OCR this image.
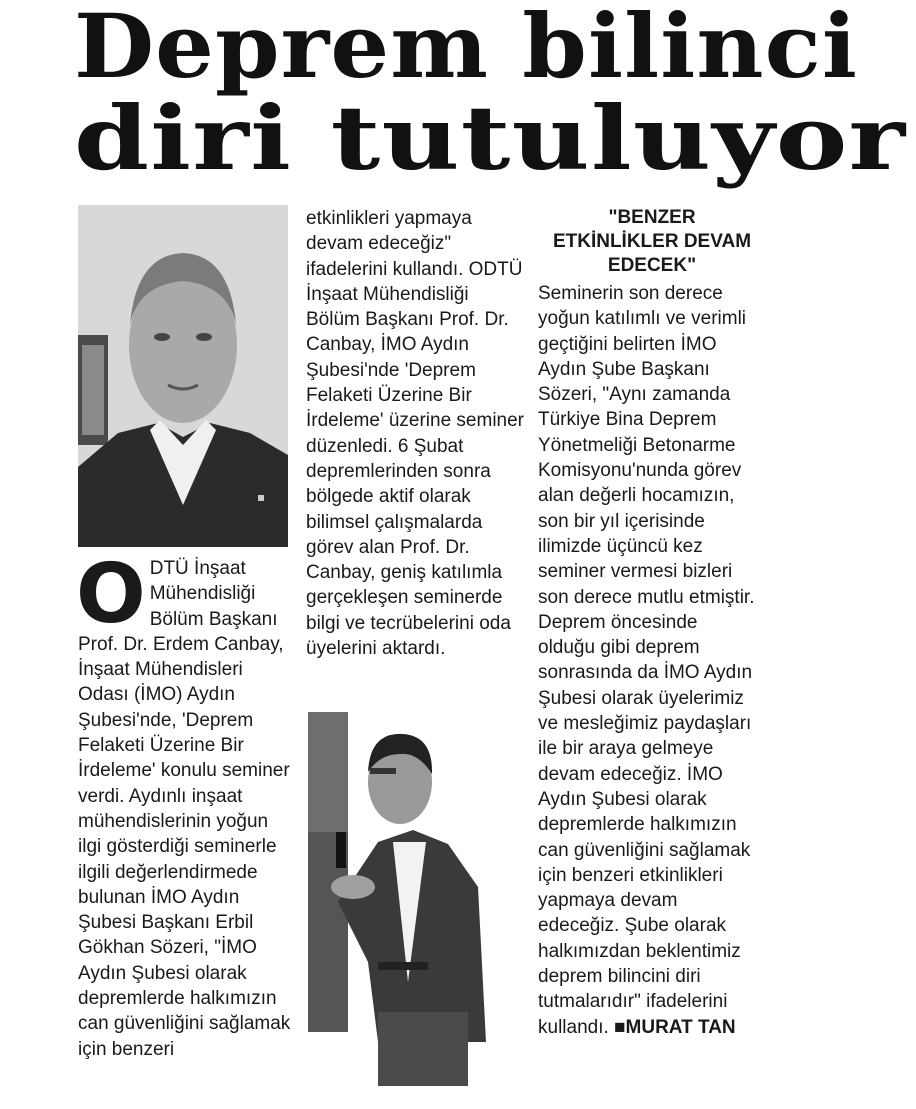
Deprem bilinci
diri tutuluyor
O DTÜ İnşaat Mühendisliği Bölüm Başkanı Prof. Dr. Erdem Canbay, İnşaat Mühendisleri Odası (İMO) Aydın Şubesi'nde, 'Deprem Felaketi Üzerine Bir İrdeleme' konulu seminer verdi. Aydınlı inşaat mühendislerinin yoğun ilgi gösterdiği seminerle ilgili değerlendirmede bulunan İMO Aydın Şubesi Başkanı Erbil Gökhan Sözeri, "İMO Aydın Şubesi olarak depremlerde halkımızın can güvenliğini sağlamak için benzeri

etkinlikleri yapmaya devam edeceğiz" ifadelerini kullandı. ODTÜ İnşaat Mühendisliği Bölüm Başkanı Prof. Dr. Canbay, İMO Aydın Şubesi'nde 'Deprem Felaketi Üzerine Bir İrdeleme' üzerine seminer düzenledi. 6 Şubat depremlerinden sonra bölgede aktif olarak bilimsel çalışmalarda görev alan Prof. Dr. Canbay, geniş katılımla gerçekleşen seminerde bilgi ve tecrübelerini oda üyelerini aktardı.

"BENZER ETKİNLİKLER DEVAM EDECEK"

Seminerin son derece yoğun katılımlı ve verimli geçtiğini belirten İMO Aydın Şube Başkanı Sözeri, "Aynı zamanda Türkiye Bina Deprem Yönetmeliği Betonarme Komisyonu'nunda görev alan değerli hocamızın, son bir yıl içerisinde ilimizde üçüncü kez seminer vermesi bizleri son derece mutlu etmiştir. Deprem öncesinde olduğu gibi deprem sonrasında da İMO Aydın Şubesi olarak üyelerimiz ve mesleğimiz paydaşları ile bir araya gelmeye devam edeceğiz. İMO Aydın Şubesi olarak depremlerde halkımızın can güvenliğini sağlamak için benzeri etkinlikleri yapmaya devam edeceğiz. Şube olarak halkımızdan beklentimiz deprem bilincini diri tutmalarıdır" ifadelerini kullandı. ■MURAT TAN
